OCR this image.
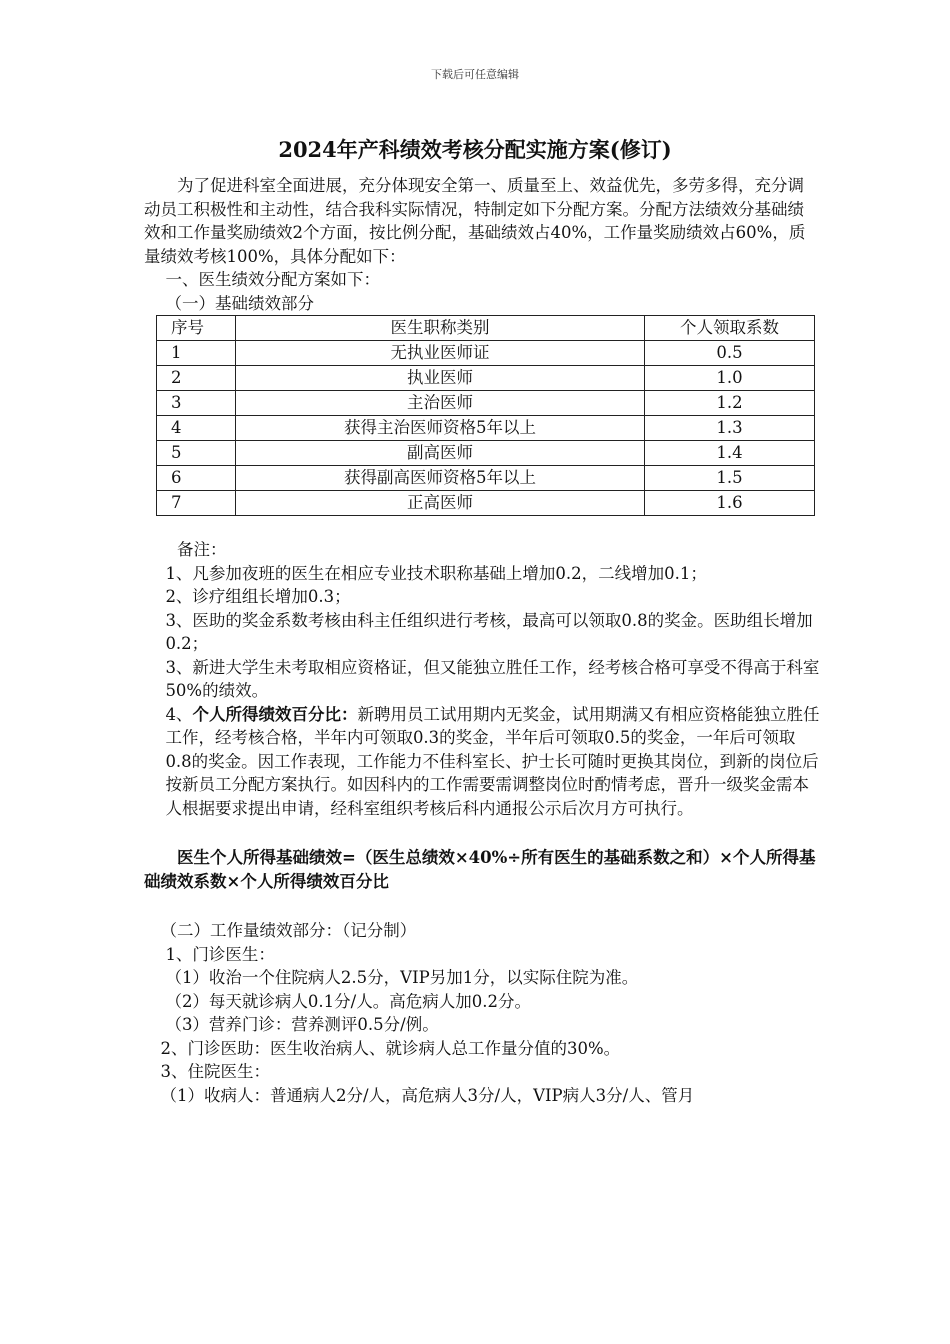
下载后可任意编辑
2024年产科绩效考核分配实施方案(修订)

为了促进科室全面进展，充分体现安全第一、质量至上、效益优先，多劳多得，充分调动员工积极性和主动性，结合我科实际情况，特制定如下分配方案。分配方法绩效分基础绩效和工作量奖励绩效2个方面，按比例分配，基础绩效占40%，工作量奖励绩效占60%，质量绩效考核100%，具体分配如下：

一、医生绩效分配方案如下：

（一）基础绩效部分

序号	医生职称类别	个人领取系数
1	无执业医师证	0.5
2	执业医师	1.0
3	主治医师	1.2
4	获得主治医师资格5年以上	1.3
5	副高医师	1.4
6	获得副高医师资格5年以上	1.5
7	正高医师	1.6

备注：

1、凡参加夜班的医生在相应专业技术职称基础上增加0.2，二线增加0.1；

2、诊疗组组长增加0.3；

3、医助的奖金系数考核由科主任组织进行考核，最高可以领取0.8的奖金。医助组长增加0.2；

3、新进大学生未考取相应资格证，但又能独立胜任工作，经考核合格可享受不得高于科室50%的绩效。

4、个人所得绩效百分比：新聘用员工试用期内无奖金，试用期满又有相应资格能独立胜任工作，经考核合格，半年内可领取0.3的奖金，半年后可领取0.5的奖金，一年后可领取0.8的奖金。因工作表现，工作能力不佳科室长、护士长可随时更换其岗位，到新的岗位后按新员工分配方案执行。如因科内的工作需要需调整岗位时酌情考虑，晋升一级奖金需本人根据要求提出申请，经科室组织考核后科内通报公示后次月方可执行。

医生个人所得基础绩效=（医生总绩效×40%÷所有医生的基础系数之和）×个人所得基础绩效系数×个人所得绩效百分比

（二）工作量绩效部分：（记分制）

1、门诊医生：

（1）收治一个住院病人2.5分，VIP另加1分，以实际住院为准。

（2）每天就诊病人0.1分/人。高危病人加0.2分。

（3）营养门诊：营养测评0.5分/例。

2、门诊医助：医生收治病人、就诊病人总工作量分值的30%。

3、住院医生：

（1）收病人：普通病人2分/人，高危病人3分/人，VIP病人3分/人、管月
